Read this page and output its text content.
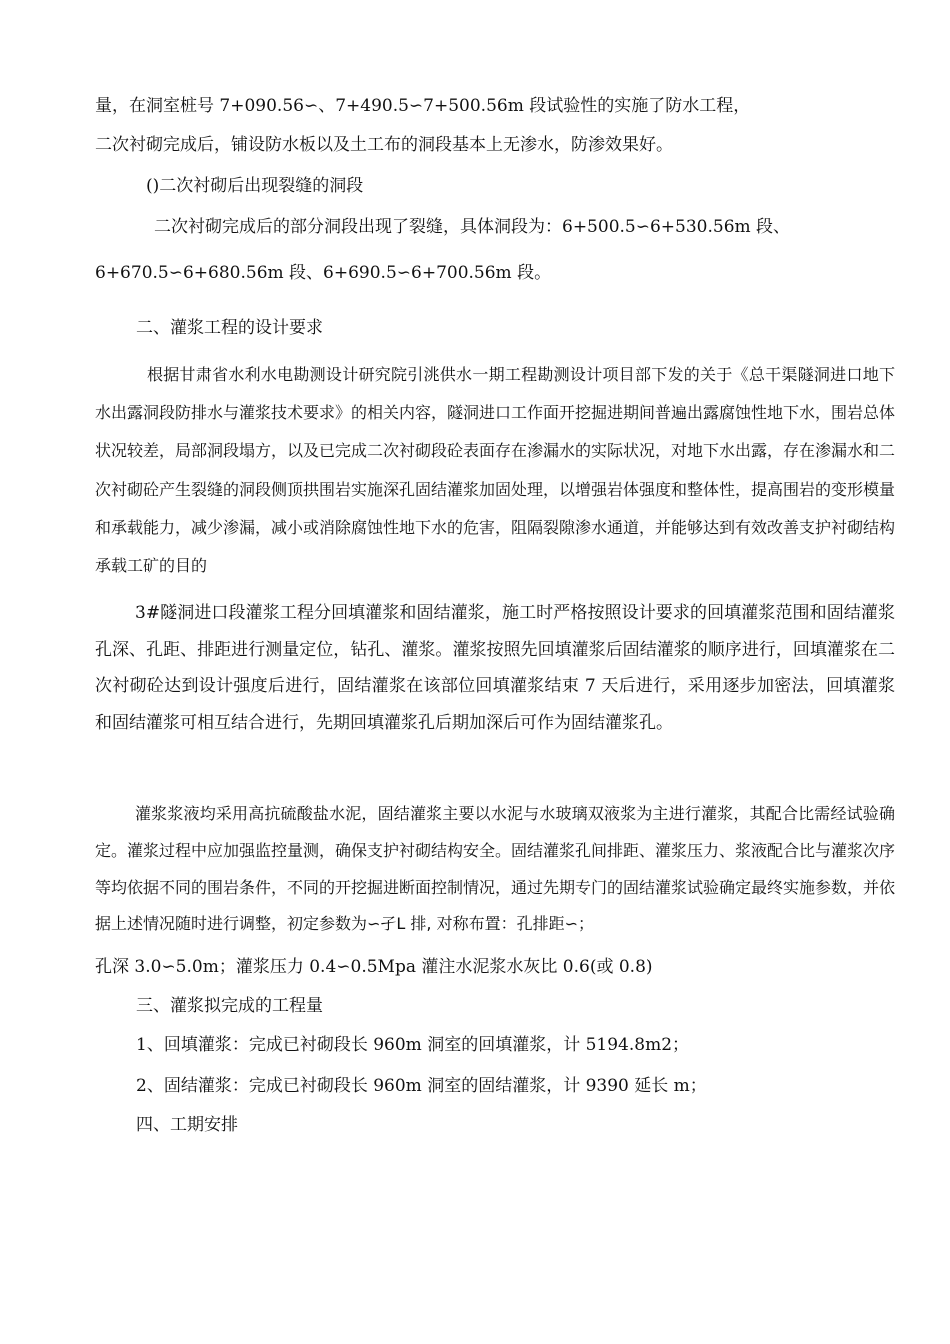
量，在洞室桩号 7+090.56∽、7+490.5∽7+500.56m 段试验性的实施了防水工程，
二次衬砌完成后，铺设防水板以及土工布的洞段基本上无渗水，防渗效果好。
()二次衬砌后出现裂缝的洞段
二次衬砌完成后的部分洞段出现了裂缝，具体洞段为：6+500.5∽6+530.56m 段、
6+670.5∽6+680.56m 段、6+690.5∽6+700.56m 段。
二、灌浆工程的设计要求
根据甘肃省水利水电勘测设计研究院引洮供水一期工程勘测设计项目部下发的关于《总干渠隧洞进口地下水出露洞段防排水与灌浆技术要求》的相关内容，隧洞进口工作面开挖掘进期间普遍出露腐蚀性地下水，围岩总体状况较差，局部洞段塌方，以及已完成二次衬砌段砼表面存在渗漏水的实际状况，对地下水出露，存在渗漏水和二次衬砌砼产生裂缝的洞段侧顶拱围岩实施深孔固结灌浆加固处理，以增强岩体强度和整体性，提高围岩的变形模量和承载能力，减少渗漏，减小或消除腐蚀性地下水的危害，阻隔裂隙渗水通道，并能够达到有效改善支护衬砌结构承载工矿的目的
3#隧洞进口段灌浆工程分回填灌浆和固结灌浆，施工时严格按照设计要求的回填灌浆范围和固结灌浆孔深、孔距、排距进行测量定位，钻孔、灌浆。灌浆按照先回填灌浆后固结灌浆的顺序进行，回填灌浆在二次衬砌砼达到设计强度后进行，固结灌浆在该部位回填灌浆结束 7 天后进行，采用逐步加密法，回填灌浆和固结灌浆可相互结合进行，先期回填灌浆孔后期加深后可作为固结灌浆孔。
灌浆浆液均采用高抗硫酸盐水泥，固结灌浆主要以水泥与水玻璃双液浆为主进行灌浆，其配合比需经试验确定。灌浆过程中应加强监控量测，确保支护衬砌结构安全。固结灌浆孔间排距、灌浆压力、浆液配合比与灌浆次序等均依据不同的围岩条件，不同的开挖掘进断面控制情况，通过先期专门的固结灌浆试验确定最终实施参数，并依据上述情况随时进行调整，初定参数为∽孑L 排, 对称布置：孔排距∽；
孔深 3.0∽5.0m；灌浆压力 0.4∽0.5Mpa 灌注水泥浆水灰比 0.6(或 0.8)
三、灌浆拟完成的工程量
1、回填灌浆：完成已衬砌段长 960m 洞室的回填灌浆，计 5194.8m2；
2、固结灌浆：完成已衬砌段长 960m 洞室的固结灌浆，计 9390 延长 m；
四、工期安排
